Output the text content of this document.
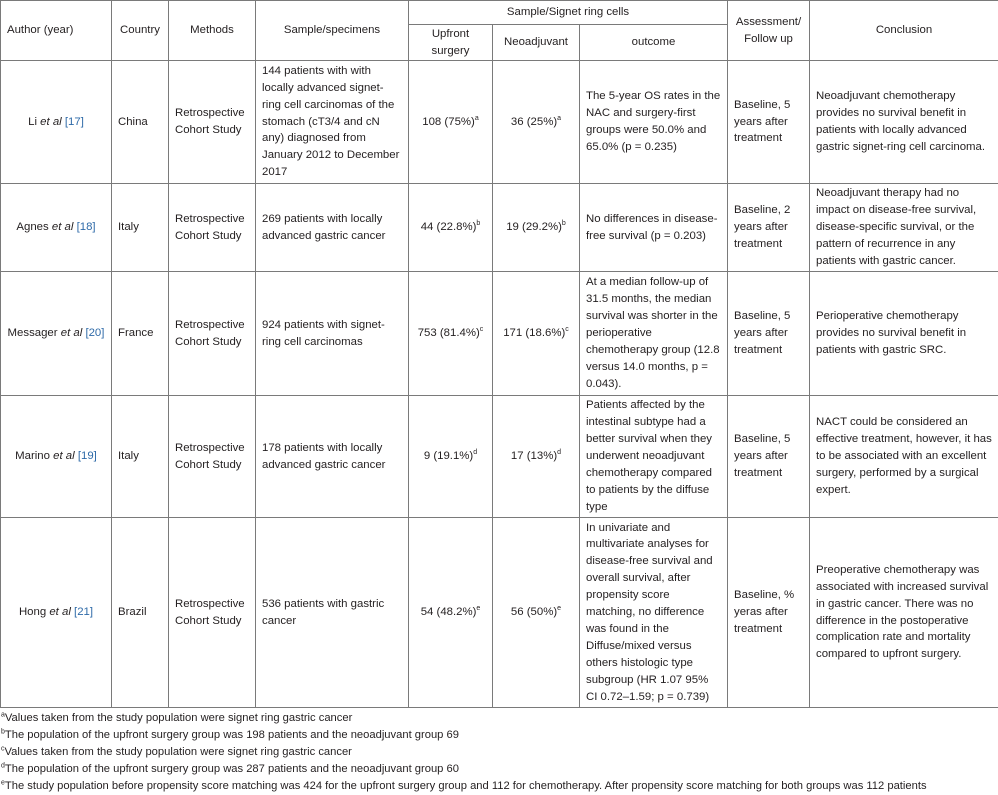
Author (year)	Country	Methods	Sample/specimens	Sample/Signet ring cells			Assessment/ Follow up	Conclusion
				Upfront surgery	Neoadjuvant	outcome		
Li et al [17]	China	Retrospective Cohort Study	144 patients with with locally advanced signet-ring cell carcinomas of the stomach (cT3/4 and cN any) diagnosed from January 2012 to December 2017	108 $(75\%)^a$	36 $(25\%)^a$	The 5-year OS rates in the NAC and surgery-first groups were 50.0% and 65.0% (p = 0.235)	Baseline, 5 years after treatment	Neoadjuvant chemotherapy provides no survival benefit in patients with locally advanced gastric signet-ring cell carcinoma.
Agnes et al [18]	Italy	Retrospective Cohort Study	269 patients with locally advanced gastric cancer	44 $(22.8\%)^b$	19 $(29.2\%)^b$	No differences in disease-free survival (p = 0.203)	Baseline, 2 years after treatment	Neoadjuvant therapy had no impact on disease-free survival, disease-specific survival, or the pattern of recurrence in any patients with gastric cancer.
Messager et al [20]	France	Retrospective Cohort Study	924 patients with signet-ring cell carcinomas	753 $(81.4\%)^c$	171 $(18.6\%)^c$	At a median follow-up of 31.5 months, the median survival was shorter in the perioperative chemotherapy group (12.8 versus 14.0 months, p = 0.043).	Baseline, 5 years after treatment	Perioperative chemotherapy provides no survival benefit in patients with gastric SRC.
Marino et al [19]	Italy	Retrospective Cohort Study	178 patients with locally advanced gastric cancer	9 $(19.1\%)^d$	17 $(13\%)^d$	Patients affected by the intestinal subtype had a better survival when they underwent neoadjuvant chemotherapy compared to patients by the diffuse type	Baseline, 5 years after treatment	NACT could be considered an effective treatment, however, it has to be associated with an excellent surgery, performed by a surgical expert.
Hong et al [21]	Brazil	Retrospective Cohort Study	536 patients with gastric cancer	54 $(48.2\%)^e$	56 $(50\%)^e$	In univariate and multivariate analyses for disease-free survival and overall survival, after propensity score matching, no difference was found in the Diffuse/mixed versus others histologic type subgroup (HR 1.07 95% CI 0.72–1.59; p = 0.739)	Baseline, % yeras after treatment	Preoperative chemotherapy was associated with increased survival in gastric cancer. There was no difference in the postoperative complication rate and mortality compared to upfront surgery.
$^a$Values taken from the study population were signet ring gastric cancer
$^b$The population of the upfront surgery group was 198 patients and the neoadjuvant group 69
$^c$Values taken from the study population were signet ring gastric cancer
$^d$The population of the upfront surgery group was 287 patients and the neoadjuvant group 60
$^e$The study population before propensity score matching was 424 for the upfront surgery group and 112 for chemotherapy. After propensity score matching for both groups was 112 patients
